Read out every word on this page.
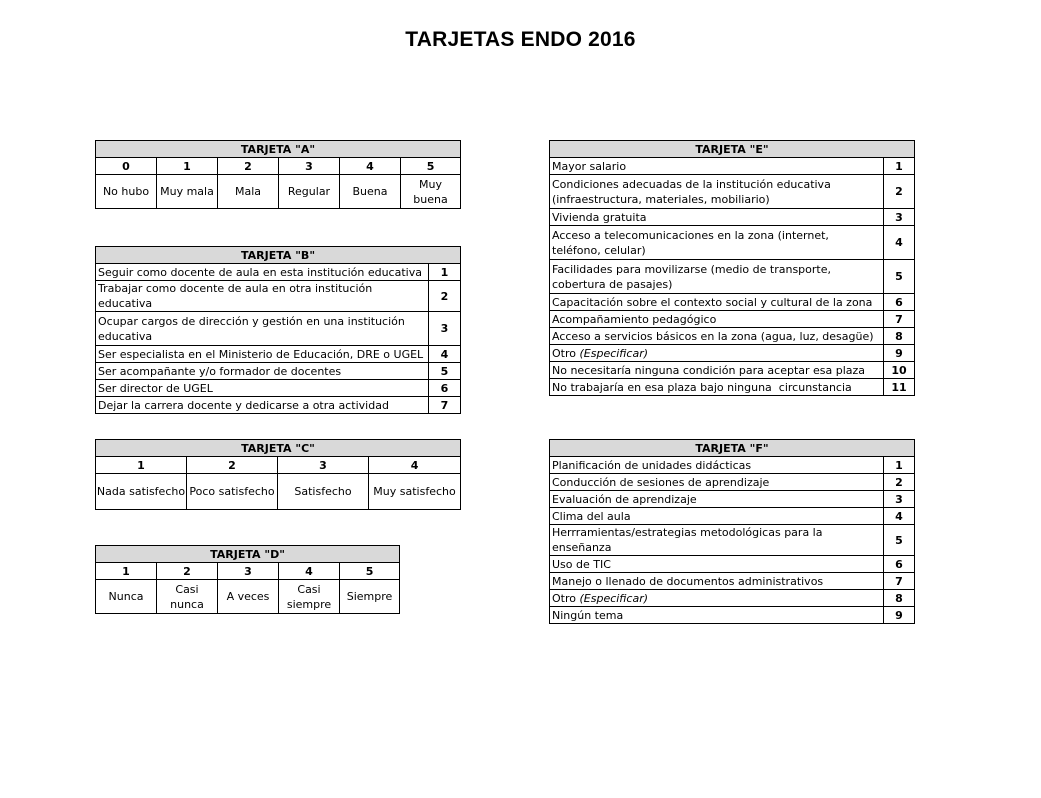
TARJETAS ENDO 2016
TARJETA "A"					
0	1	2	3	4	5
No hubo	Muy mala	Mala	Regular	Buena	Muy buena
TARJETA "B"	
Seguir como docente de aula en esta institución educativa	1
Trabajar como docente de aula en otra institución educativa	2
Ocupar cargos de dirección y gestión en una institución educativa	3
Ser especialista en el Ministerio de Educación, DRE o UGEL	4
Ser acompañante y/o formador de docentes	5
Ser director de UGEL	6
Dejar la carrera docente y dedicarse a otra actividad	7
TARJETA "C"			
1	2	3	4
Nada satisfecho	Poco satisfecho	Satisfecho	Muy satisfecho
TARJETA "D"				
1	2	3	4	5
Nunca	Casi nunca	A veces	Casi siempre	Siempre
TARJETA "E"	
Mayor salario	1
Condiciones adecuadas de la institución educativa (infraestructura, materiales, mobiliario)	2
Vivienda gratuita	3
Acceso a telecomunicaciones en la zona (internet, teléfono, celular)	4
Facilidades para movilizarse (medio de transporte, cobertura de pasajes)	5
Capacitación sobre el contexto social y cultural de la zona	6
Acompañamiento pedagógico	7
Acceso a servicios básicos en la zona (agua, luz, desagüe)	8
Otro (Especificar)	9
No necesitaría ninguna condición para aceptar esa plaza	10
No trabajaría en esa plaza bajo ninguna  circunstancia	11
TARJETA "F"	
Planificación de unidades didácticas	1
Conducción de sesiones de aprendizaje	2
Evaluación de aprendizaje	3
Clima del aula	4
Herrramientas/estrategias metodológicas para la enseñanza	5
Uso de TIC	6
Manejo o llenado de documentos administrativos	7
Otro (Especificar)	8
Ningún tema	9
